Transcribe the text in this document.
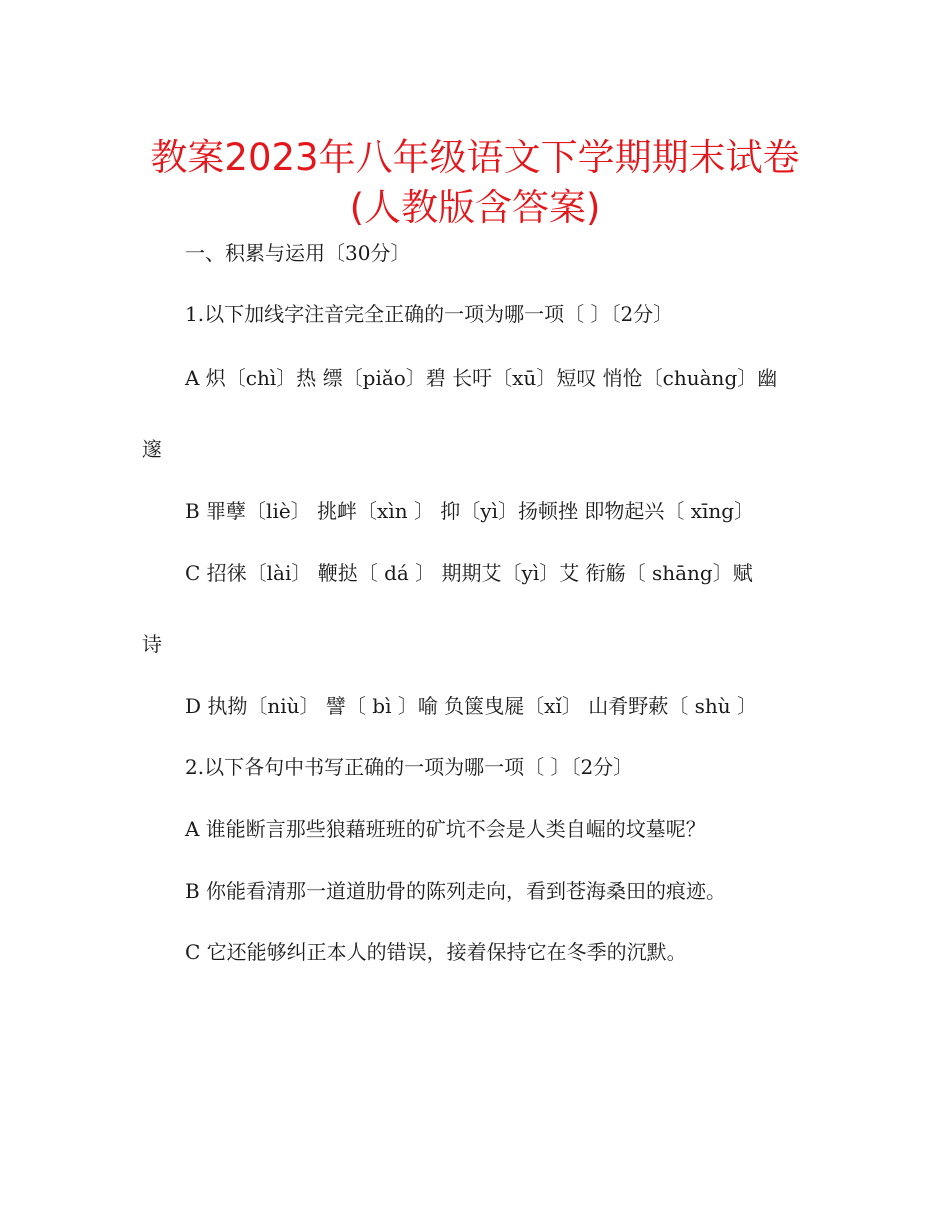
教案2023年八年级语文下学期期末试卷
(人教版含答案)
一、积累与运用〔30分〕
1.以下加线字注音完全正确的一项为哪一项〔 〕〔2分〕
A 炽〔chì〕热 缥〔piǎo〕碧 长吁〔xū〕短叹 悄怆〔chuàng〕幽
邃
B 罪孽〔liè〕 挑衅〔xìn 〕 抑〔yì〕扬顿挫 即物起兴〔 xīng〕
C 招徕〔lài〕 鞭挞〔 dá 〕 期期艾〔yì〕艾 衔觞〔 shāng〕赋
诗
D 执拗〔niù〕 譬〔 bì 〕喻 负箧曳屣〔xǐ〕 山肴野蔌〔 shù 〕
2.以下各句中书写正确的一项为哪一项〔 〕〔2分〕
A 谁能断言那些狼藉班班的矿坑不会是人类自崛的坟墓呢？
B 你能看清那一道道肋骨的陈列走向，看到苍海桑田的痕迹。
C 它还能够纠正本人的错误，接着保持它在冬季的沉默。
